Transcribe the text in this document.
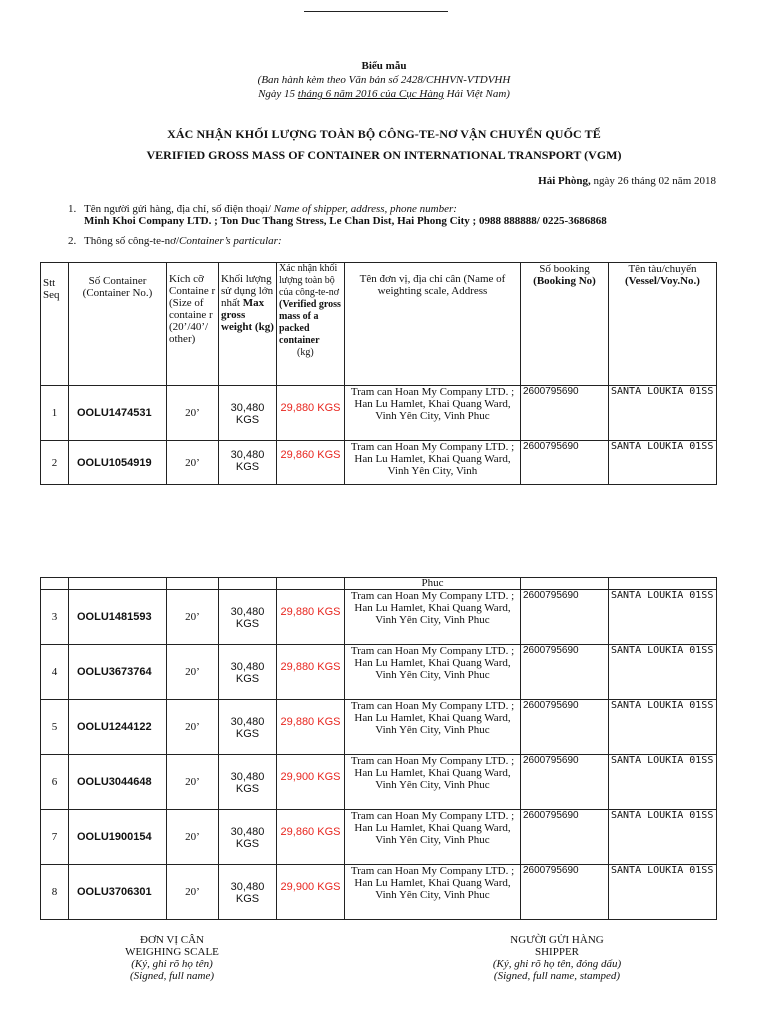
Biểu mẫu
(Ban hành kèm theo Văn bản số 2428/CHHVN-VTDVHH
Ngày 15 tháng 6 năm 2016 của Cục Hàng Hải Việt Nam)
XÁC NHẬN KHỐI LƯỢNG TOÀN BỘ CÔNG-TE-NƠ VẬN CHUYỂN QUỐC TẾ
VERIFIED GROSS MASS OF CONTAINER ON INTERNATIONAL TRANSPORT (VGM)
Hải Phòng, ngày 26 tháng 02 năm 2018
1. Tên người gửi hàng, địa chỉ, số điện thoại/ Name of shipper, address, phone number:
Minh Khoi Company LTD. ; Ton Duc Thang Stress, Le Chan Dist, Hai Phong City ; 0988 888888/ 0225-3686868
2. Thông số công-te-nơ/Container’s particular:
Stt Seq	Số Container (Container No.)	Kích cỡ Containe r (Size of containe r (20’/40’/ other)	Khối lượng sử dụng lớn nhất Max gross weight (kg)	Xác nhận khối lượng toàn bộ của công-te-nơ (Verified gross mass of a packed container
(kg)	Tên đơn vị, địa chỉ cân (Name of weighting scale, Address	Số booking
(Booking No)	Tên tàu/chuyến
(Vessel/Voy.No.)
1	OOLU1474531	20’	30,480 KGS	29,880 KGS	Tram can Hoan My Company LTD. ; Han Lu Hamlet, Khai Quang Ward, Vinh Yên City, Vinh Phuc	2600795690	SANTA LOUKIA 01SS
2	OOLU1054919	20’	30,480 KGS	29,860 KGS	Tram can Hoan My Company LTD. ; Han Lu Hamlet, Khai Quang Ward, Vinh Yên City, Vinh	2600795690	SANTA LOUKIA 01SS
					Phuc		
3	OOLU1481593	20’	30,480 KGS	29,880 KGS	Tram can Hoan My Company LTD. ; Han Lu Hamlet, Khai Quang Ward, Vinh Yên City, Vinh Phuc	2600795690	SANTA LOUKIA 01SS
4	OOLU3673764	20’	30,480 KGS	29,880 KGS	Tram can Hoan My Company LTD. ; Han Lu Hamlet, Khai Quang Ward, Vinh Yên City, Vinh Phuc	2600795690	SANTA LOUKIA 01SS
5	OOLU1244122	20’	30,480 KGS	29,880 KGS	Tram can Hoan My Company LTD. ; Han Lu Hamlet, Khai Quang Ward, Vinh Yên City, Vinh Phuc	2600795690	SANTA LOUKIA 01SS
6	OOLU3044648	20’	30,480 KGS	29,900 KGS	Tram can Hoan My Company LTD. ; Han Lu Hamlet, Khai Quang Ward, Vinh Yên City, Vinh Phuc	2600795690	SANTA LOUKIA 01SS
7	OOLU1900154	20’	30,480 KGS	29,860 KGS	Tram can Hoan My Company LTD. ; Han Lu Hamlet, Khai Quang Ward, Vinh Yên City, Vinh Phuc	2600795690	SANTA LOUKIA 01SS
8	OOLU3706301	20’	30,480 KGS	29,900 KGS	Tram can Hoan My Company LTD. ; Han Lu Hamlet, Khai Quang Ward, Vinh Yên City, Vinh Phuc	2600795690	SANTA LOUKIA 01SS
ĐƠN VỊ CÂN
WEIGHING SCALE
(Ký, ghi rõ họ tên)
(Signed, full name)
NGƯỜI GỬI HÀNG
SHIPPER
(Ký, ghi rõ họ tên, đóng dấu)
(Signed, full name, stamped)
